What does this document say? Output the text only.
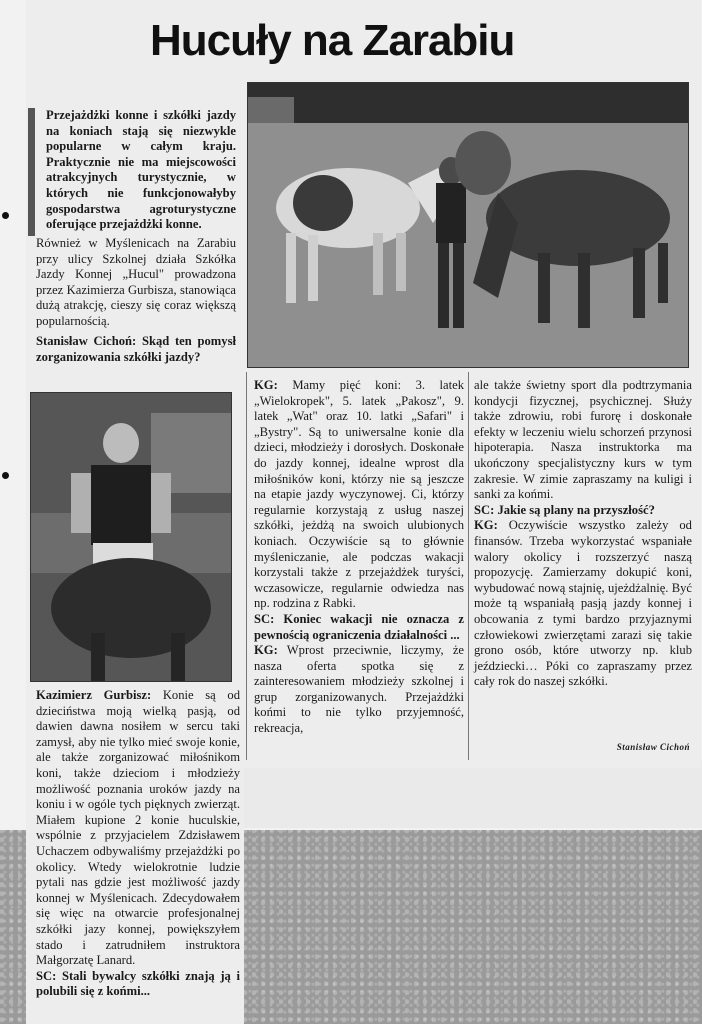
Hucuły na Zarabiu
Przejażdżki konne i szkółki jazdy na koniach stają się niezwykle popularne w całym kraju. Praktycznie nie ma miejscowości atrakcyjnych turystycznie, w których nie funkcjonowałyby gospodarstwa agroturystyczne oferujące przejażdżki konne.
Również w Myślenicach na Zarabiu przy ulicy Szkolnej działa Szkółka Jazdy Konnej „Hucul" prowadzona przez Kazimierza Gurbisza, stanowiąca dużą atrakcję, cieszy się coraz większą popularnością.
Stanisław Cichoń: Skąd ten pomysł zorganizowania szkółki jazdy?

Kazimierz Gurbisz: Konie są od dzieciństwa moją wielką pasją, od dawien dawna nosiłem w sercu taki zamysł, aby nie tylko mieć swoje konie, ale także zorganizować miłośnikom koni, także dzieciom i młodzieży możliwość poznania uroków jazdy na koniu i w ogóle tych pięknych zwierząt. Miałem kupione 2 konie huculskie, wspólnie z przyjacielem Zdzisławem Uchaczem odbywaliśmy przejażdżki po okolicy. Wtedy wielokrotnie ludzie pytali nas gdzie jest możliwość jazdy konnej w Myślenicach. Zdecydowałem się więc na otwarcie profesjonalnej szkółki jazy konnej, powiększyłem stado i zatrudniłem instruktora Małgorzatę Lanard.

SC: Stali bywalcy szkółki znają ją i polubili się z końmi...

KG: Mamy pięć koni: 3. latek „Wielokropek", 5. latek „Pakosz", 9. latek „Wat" oraz 10. latki „Safari" i „Bystry". Są to uniwersalne konie dla dzieci, młodzieży i dorosłych. Doskonałe do jazdy konnej, idealne wprost dla miłośników koni, którzy nie są jeszcze na etapie jazdy wyczynowej. Ci, którzy regularnie korzystają z usług naszej szkółki, jeżdżą na swoich ulubionych koniach. Oczywiście są to głównie myśleniczanie, ale podczas wakacji korzystali także z przejażdżek turyści, wczasowicze, regularnie odwiedza nas np. rodzina z Rabki.

SC: Koniec wakacji nie oznacza z pewnością ograniczenia działalności ...

KG: Wprost przeciwnie, liczymy, że nasza oferta spotka się z zainteresowaniem młodzieży szkolnej i grup zorganizowanych. Przejażdżki końmi to nie tylko przyjemność, rekreacja,

ale także świetny sport dla podtrzymania kondycji fizycznej, psychicznej. Służy także zdrowiu, robi furorę i doskonałe efekty w leczeniu wielu schorzeń przynosi hipoterapia. Nasza instruktorka ma ukończony specjalistyczny kurs w tym zakresie. W zimie zapraszamy na kuligi i sanki za końmi.

SC: Jakie są plany na przyszłość?

KG: Oczywiście wszystko zależy od finansów. Trzeba wykorzystać wspaniałe walory okolicy i rozszerzyć naszą propozycję. Zamierzamy dokupić koni, wybudować nową stajnię, ujeżdżalnię. Być może tą wspaniałą pasją jazdy konnej i obcowania z tymi bardzo przyjaznymi człowiekowi zwierzętami zarazi się takie grono osób, które utworzy np. klub jeździecki… Póki co zapraszamy przez cały rok do naszej szkółki.

Stanisław Cichoń
